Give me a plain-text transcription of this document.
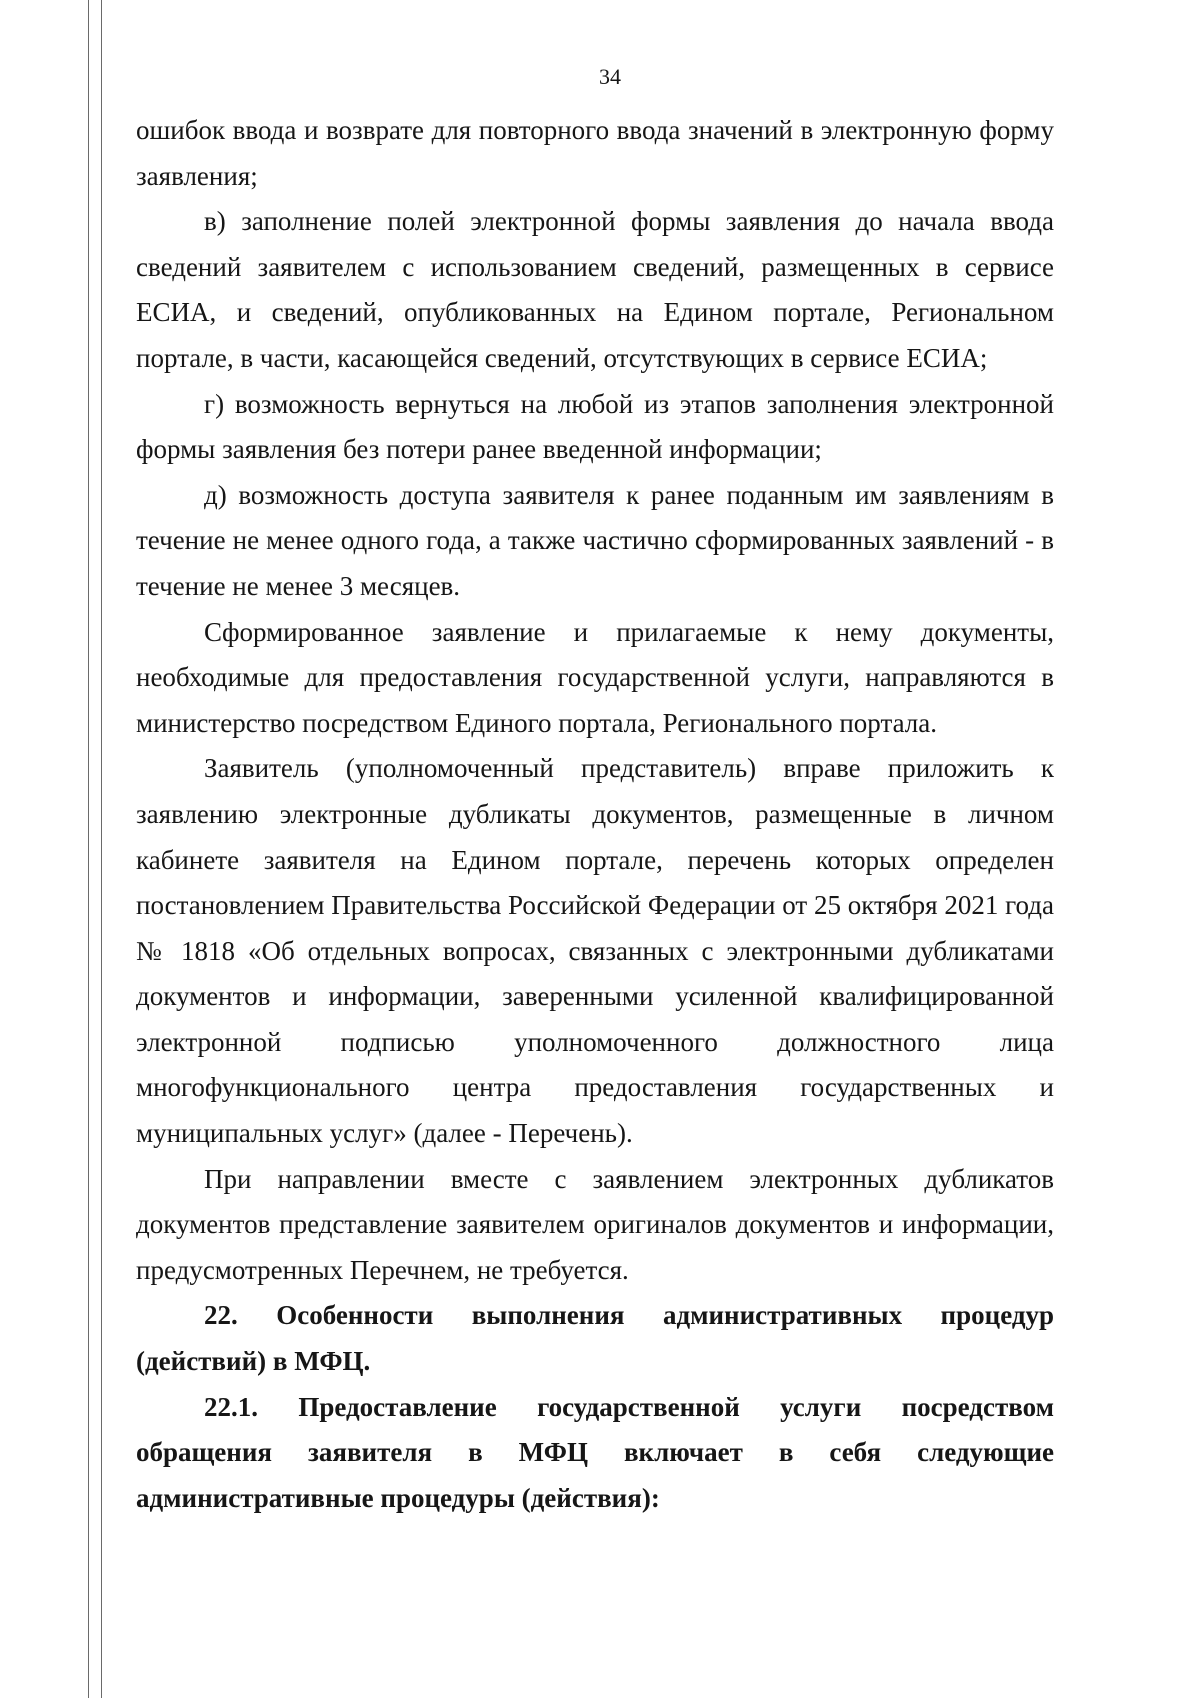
34

ошибок ввода и возврате для повторного ввода значений в электронную форму заявления;

в) заполнение полей электронной формы заявления до начала ввода сведений заявителем с использованием сведений, размещенных в сервисе ЕСИА, и сведений, опубликованных на Едином портале, Региональном портале, в части, касающейся сведений, отсутствующих в сервисе ЕСИА;

г) возможность вернуться на любой из этапов заполнения электронной формы заявления без потери ранее введенной информации;

д) возможность доступа заявителя к ранее поданным им заявлениям в течение не менее одного года, а также частично сформированных заявлений - в течение не менее 3 месяцев.

Сформированное заявление и прилагаемые к нему документы, необходимые для предоставления государственной услуги, направляются в министерство посредством Единого портала, Регионального портала.

Заявитель (уполномоченный представитель) вправе приложить к заявлению электронные дубликаты документов, размещенные в личном кабинете заявителя на Едином портале, перечень которых определен постановлением Правительства Российской Федерации от 25 октября 2021 года № 1818 «Об отдельных вопросах, связанных с электронными дубликатами документов и информации, заверенными усиленной квалифицированной электронной подписью уполномоченного должностного лица многофункционального центра предоставления государственных и муниципальных услуг» (далее - Перечень).

При направлении вместе с заявлением электронных дубликатов документов представление заявителем оригиналов документов и информации, предусмотренных Перечнем, не требуется.

22. Особенности выполнения административных процедур (действий) в МФЦ.

22.1. Предоставление государственной услуги посредством обращения заявителя в МФЦ включает в себя следующие административные процедуры (действия):
